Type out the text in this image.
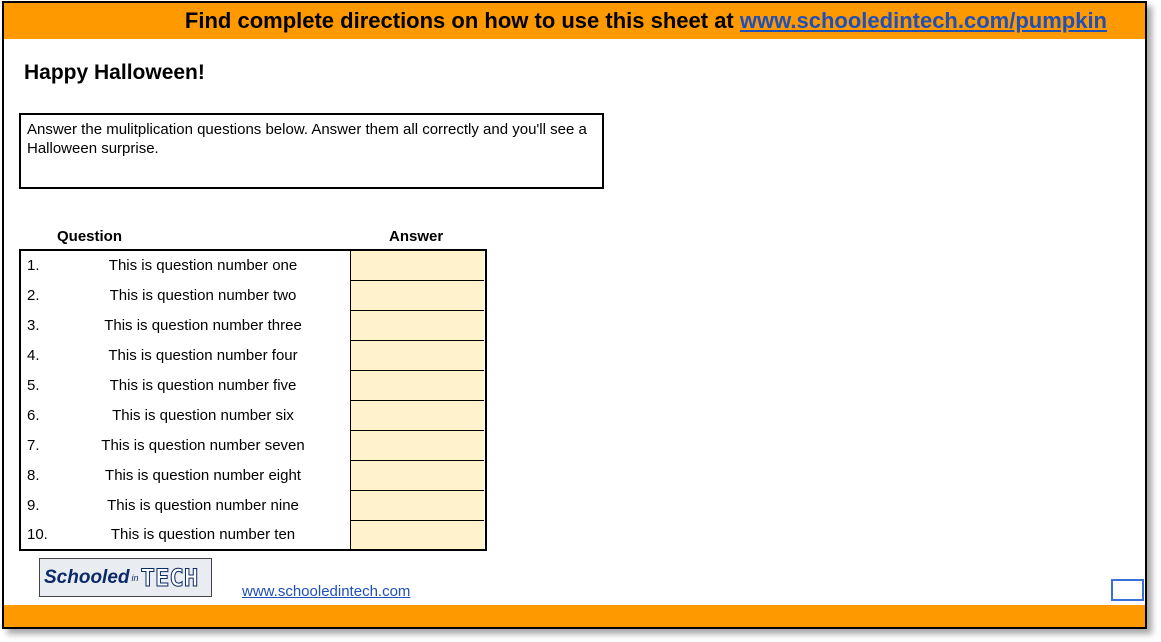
Find complete directions on how to use this sheet at www.schooledintech.com/pumpkin
Happy Halloween!
Answer the mulitplication questions below. Answer them all correctly and you'll see a Halloween surprise.
Question	Answer
1.	This is question number one
2.	This is question number two
3.	This is question number three
4.	This is question number four
5.	This is question number five
6.	This is question number six
7.	This is question number seven
8.	This is question number eight
9.	This is question number nine
10.	This is question number ten
Schooled in TECH	www.schooledintech.com
